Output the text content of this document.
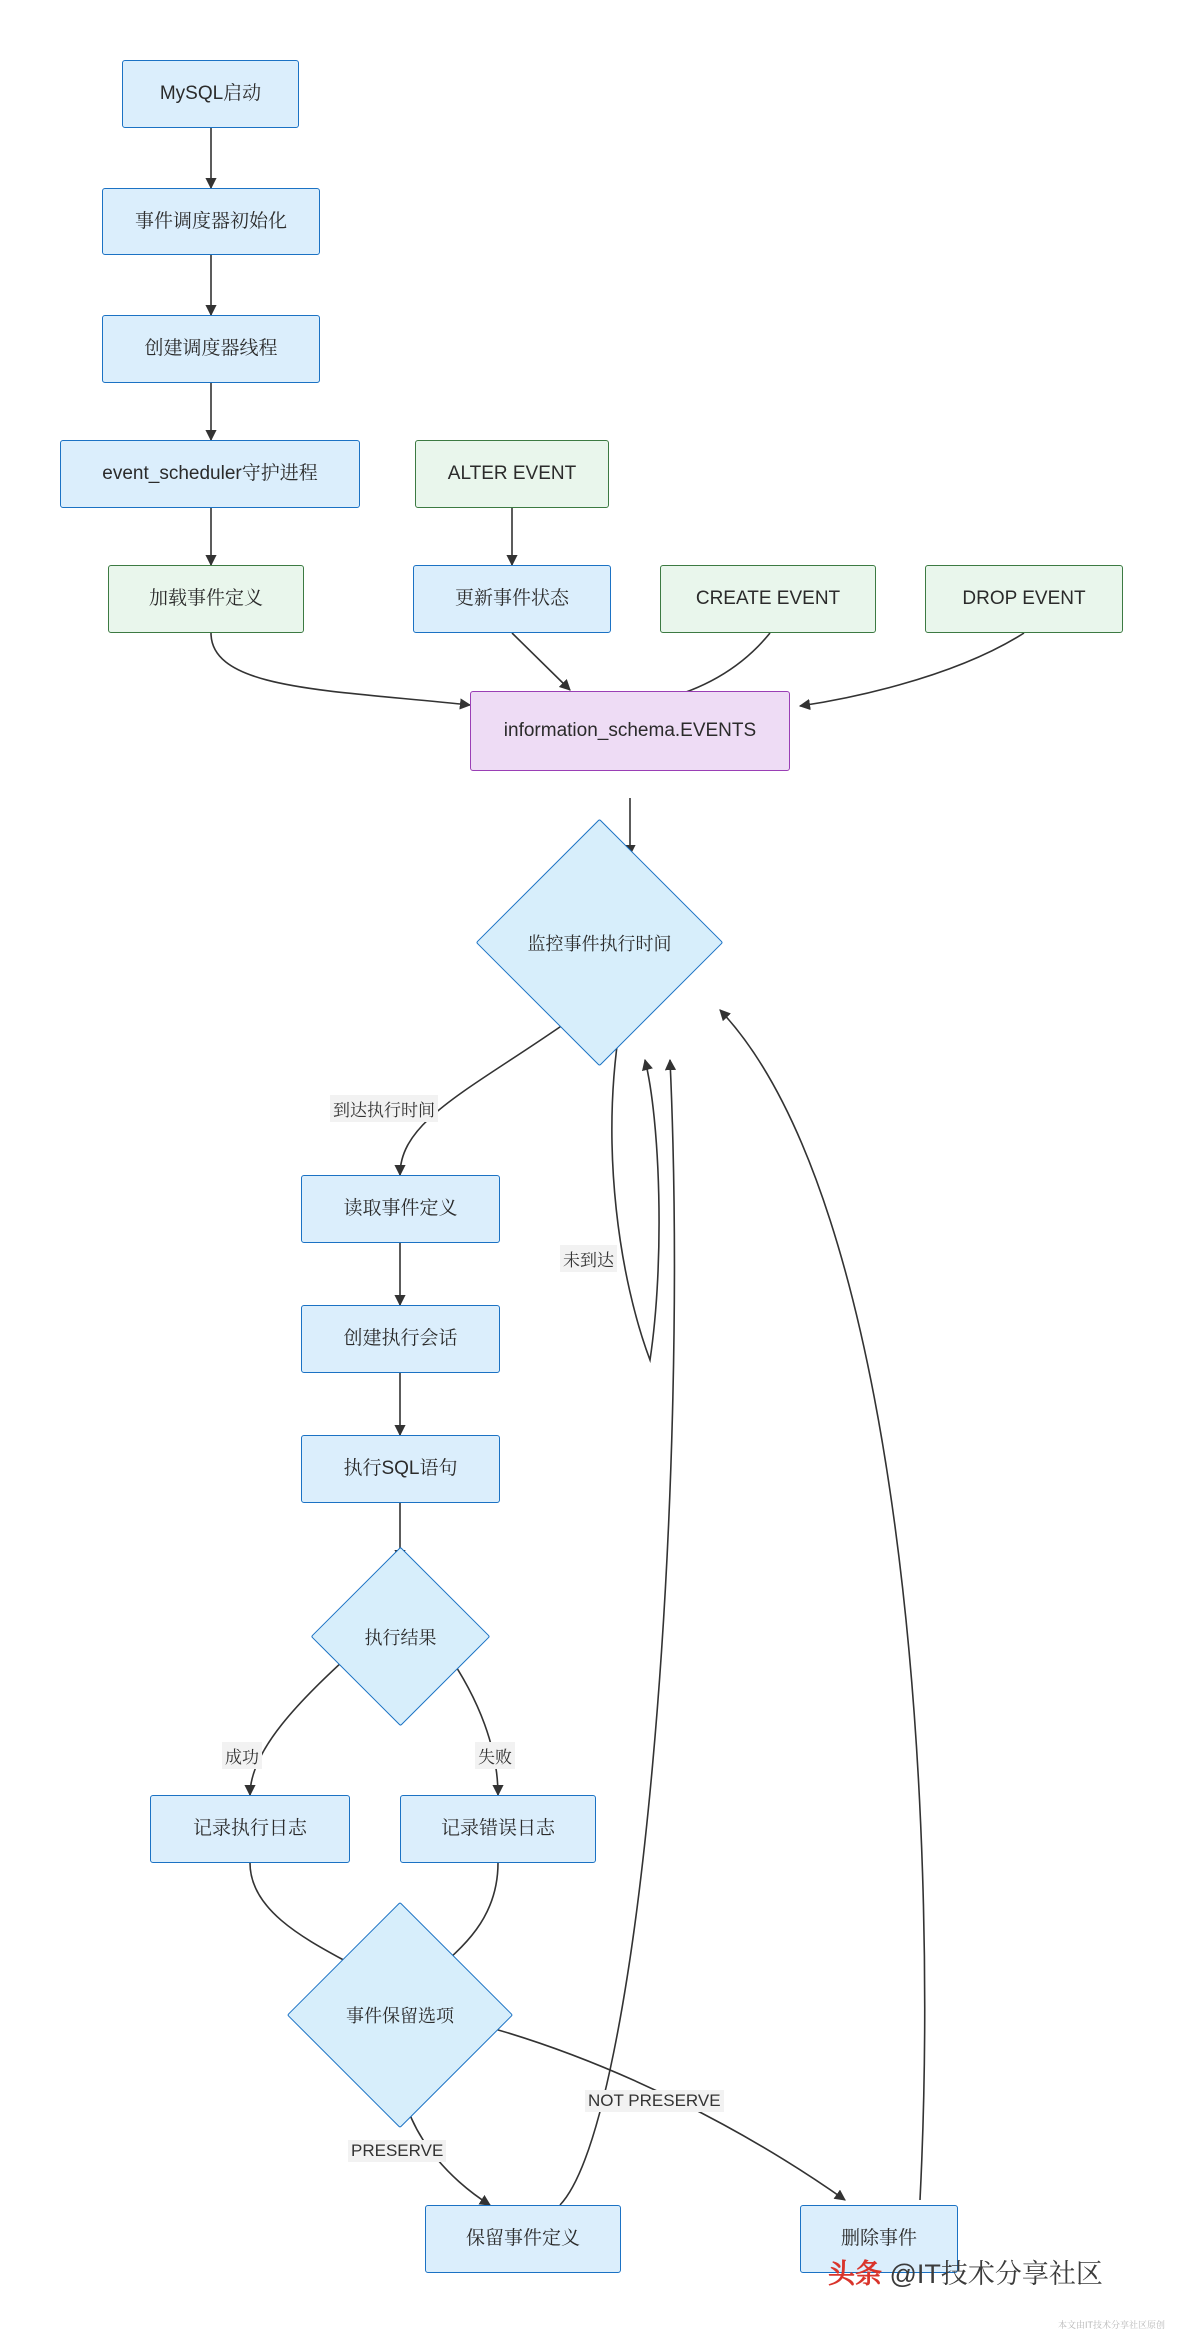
MySQL启动
事件调度器初始化
创建调度器线程
event_scheduler守护进程
加载事件定义
ALTER EVENT
更新事件状态	CREATE EVENT	DROP EVENT
information_schema.EVENTS
监控事件执行时间
读取事件定义
创建执行会话
执行SQL语句
执行结果
记录执行日志	记录错误日志
事件保留选项
保留事件定义	删除事件
到达执行时间
未到达
成功	失败
PRESERVE
NOT PRESERVE
头条 @IT技术分享社区
本文由IT技术分享社区原创
